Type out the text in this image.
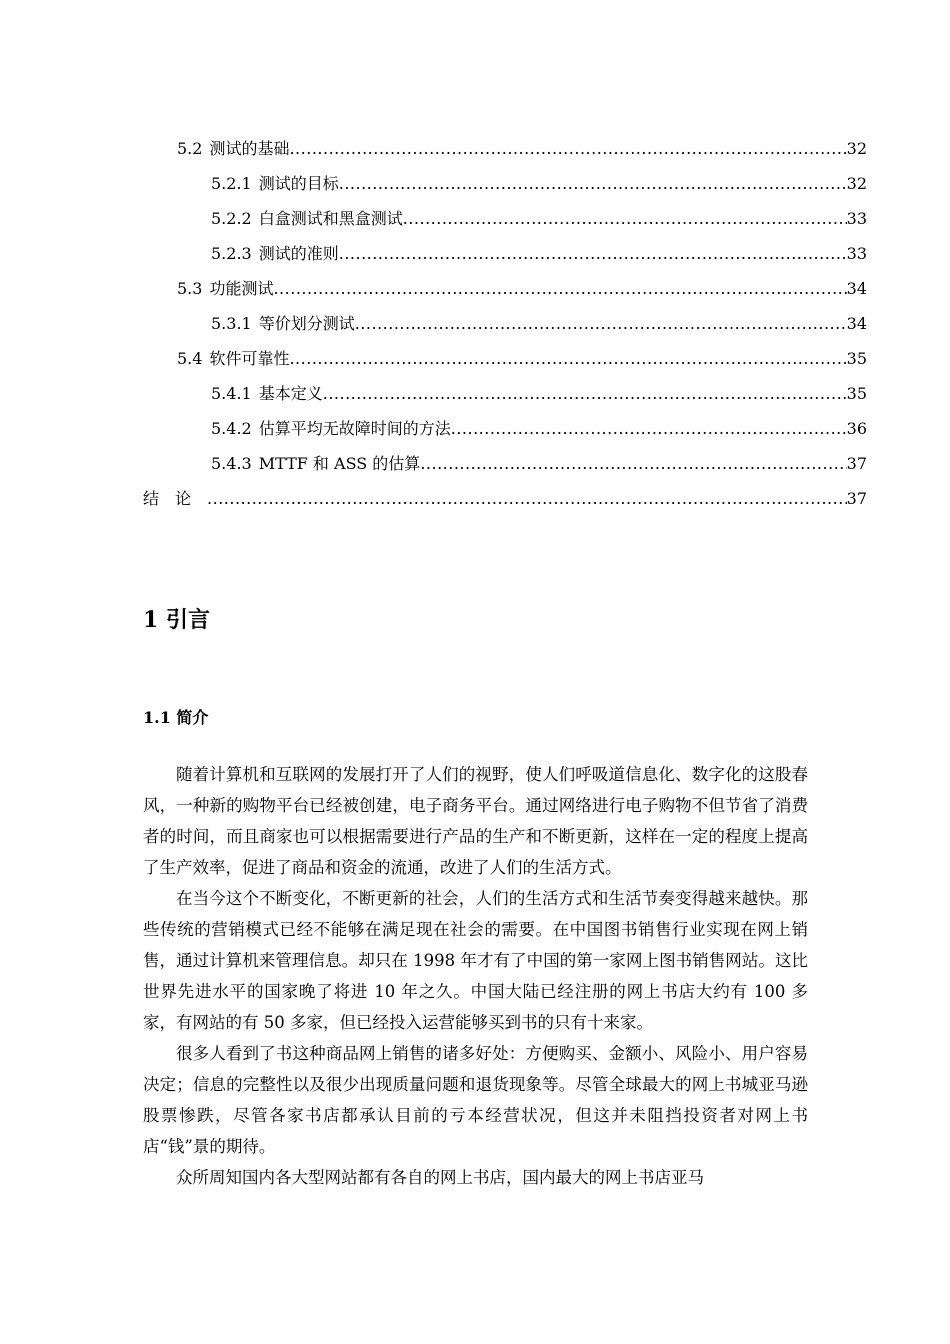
5.2 测试的基础 .....	32
5.2.1 测试的目标 .....	32
5.2.2 白盒测试和黑盒测试 .....	33
5.2.3 测试的准则 .....	33
5.3 功能测试 .....	34
5.3.1 等价划分测试 .....	34
5.4 软件可靠性 .....	35
5.4.1 基本定义 .....	35
5.4.2 估算平均无故障时间的方法 .....	36
5.4.3 MTTF 和 ASS 的估算 .....	37
结论 .....	37
1 引言
1.1 简介

随着计算机和互联网的发展打开了人们的视野，使人们呼吸道信息化、数字化的这股春风，一种新的购物平台已经被创建，电子商务平台。通过网络进行电子购物不但节省了消费者的时间，而且商家也可以根据需要进行产品的生产和不断更新，这样在一定的程度上提高了生产效率，促进了商品和资金的流通，改进了人们的生活方式。

在当今这个不断变化，不断更新的社会，人们的生活方式和生活节奏变得越来越快。那些传统的营销模式已经不能够在满足现在社会的需要。在中国图书销售行业实现在网上销售，通过计算机来管理信息。却只在 1998 年才有了中国的第一家网上图书销售网站。这比世界先进水平的国家晚了将进 10 年之久。中国大陆已经注册的网上书店大约有 100 多家，有网站的有 50 多家，但已经投入运营能够买到书的只有十来家。

很多人看到了书这种商品网上销售的诸多好处：方便购买、金额小、风险小、用户容易决定；信息的完整性以及很少出现质量问题和退货现象等。尽管全球最大的网上书城亚马逊股票惨跌，尽管各家书店都承认目前的亏本经营状况，但这并未阻挡投资者对网上书店“钱”景的期待。

众所周知国内各大型网站都有各自的网上书店，国内最大的网上书店亚马
